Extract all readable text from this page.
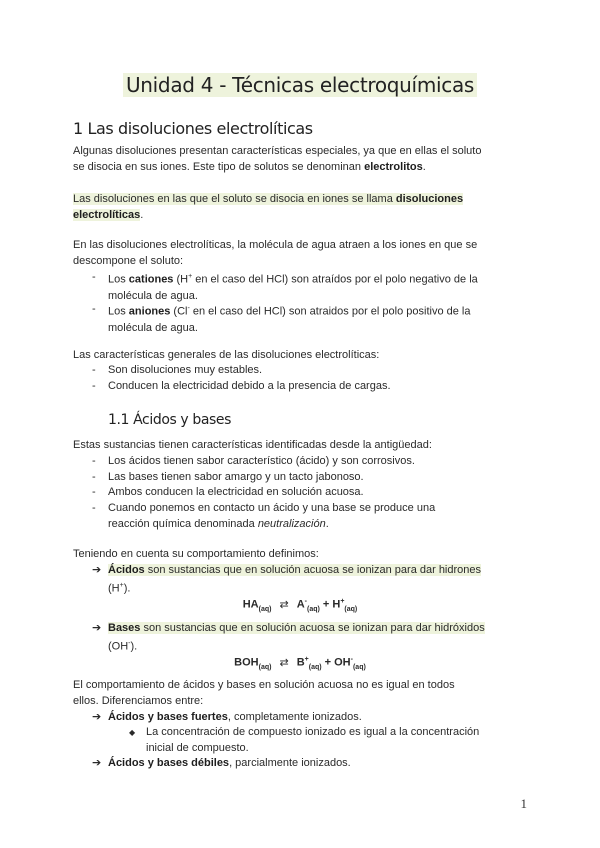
Unidad 4 - Técnicas electroquímicas
1 Las disoluciones electrolíticas
Algunas disoluciones presentan características especiales, ya que en ellas el soluto
se disocia en sus iones. Este tipo de solutos se denominan electrolitos.
Las disoluciones en las que el soluto se disocia en iones se llama disoluciones
electrolíticas.
En las disoluciones electrolíticas, la molécula de agua atraen a los iones en que se
descompone el soluto:
- Los cationes (H+ en el caso del HCl) son atraídos por el polo negativo de la
molécula de agua.
- Los aniones (Cl- en el caso del HCl) son atraidos por el polo positivo de la
molécula de agua.
Las características generales de las disoluciones electrolíticas:
- Son disoluciones muy estables.
- Conducen la electricidad debido a la presencia de cargas.
1.1 Ácidos y bases
Estas sustancias tienen características identificadas desde la antigüedad:
- Los ácidos tienen sabor característico (ácido) y son corrosivos.
- Las bases tienen sabor amargo y un tacto jabonoso.
- Ambos conducen la electricidad en solución acuosa.
- Cuando ponemos en contacto un ácido y una base se produce una
reacción química denominada neutralización.
Teniendo en cuenta su comportamiento definimos:
➔ Ácidos son sustancias que en solución acuosa se ionizan para dar hidrones
(H+).
$HA_{(aq)}$ ⇄ $A^-_{(aq)} + H^+_{(aq)}$
➔ Bases son sustancias que en solución acuosa se ionizan para dar hidróxidos
(OH-).
$BOH_{(aq)}$ ⇄ $B^+_{(aq)} + OH^-_{(aq)}$
El comportamiento de ácidos y bases en solución acuosa no es igual en todos
ellos. Diferenciamos entre:
➔ Ácidos y bases fuertes, completamente ionizados.
◆ La concentración de compuesto ionizado es igual a la concentración
inicial de compuesto.
➔ Ácidos y bases débiles, parcialmente ionizados.
1
